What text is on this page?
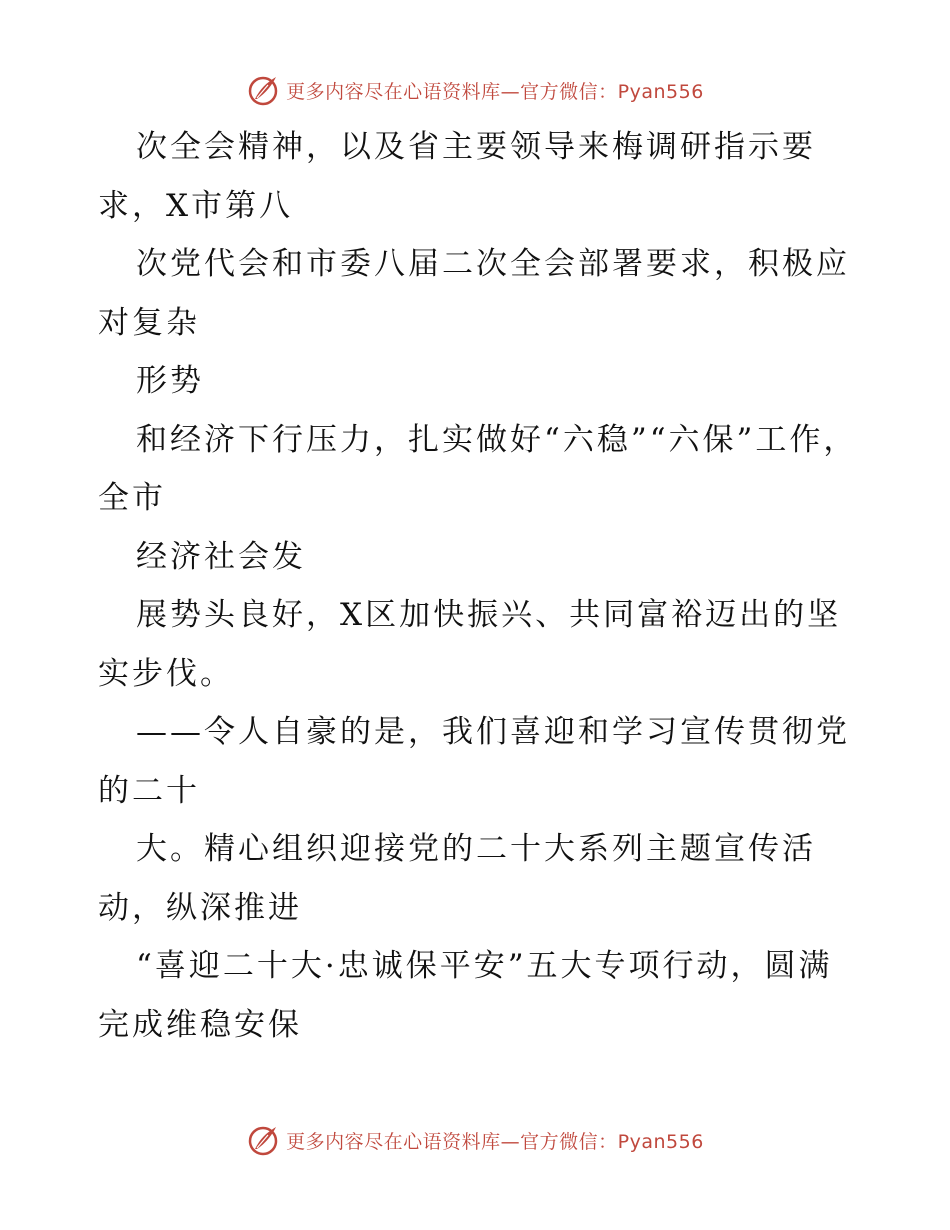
更多内容尽在心语资料库—官方微信：Pyan556

次全会精神，以及省主要领导来梅调研指示要求，X市第八

次党代会和市委八届二次全会部署要求，积极应对复杂

形势

和经济下行压力，扎实做好“六稳”“六保”工作，全市

经济社会发

展势头良好，X区加快振兴、共同富裕迈出的坚实步伐。

——令人自豪的是，我们喜迎和学习宣传贯彻党的二十

大。精心组织迎接党的二十大系列主题宣传活动，纵深推进

“喜迎二十大·忠诚保平安”五大专项行动，圆满完成维稳安保

更多内容尽在心语资料库—官方微信：Pyan556
